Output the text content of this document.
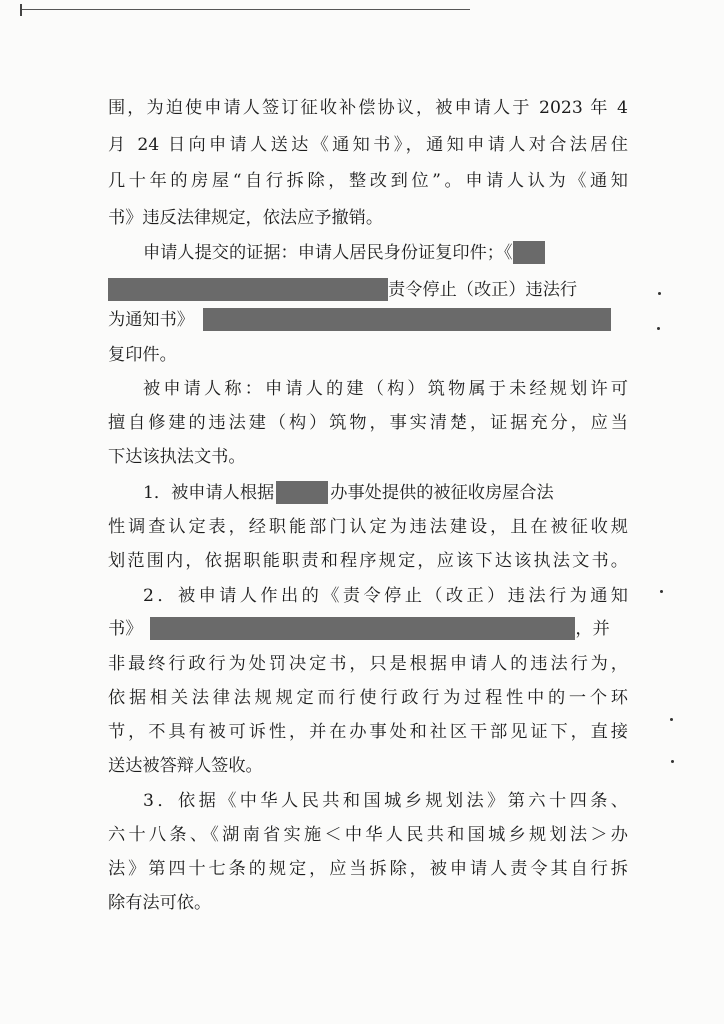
围，为迫使申请人签订征收补偿协议，被申请人于 2023 年 4
月 24 日向申请人送达《通知书》，通知申请人对合法居住
几十年的房屋“自行拆除，整改到位”。申请人认为《通知
书》违反法律规定，依法应予撤销。
申请人提交的证据：申请人居民身份证复印件；《
责令停止（改正）违法行
为通知书》
复印件。
被申请人称：申请人的建（构）筑物属于未经规划许可
擅自修建的违法建（构）筑物，事实清楚，证据充分，应当
下达该执法文书。
1．被申请人根据	办事处提供的被征收房屋合法
性调查认定表，经职能部门认定为违法建设，且在被征收规
划范围内，依据职能职责和程序规定，应该下达该执法文书。
2．被申请人作出的《责令停止（改正）违法行为通知
书》	，并
非最终行政行为处罚决定书，只是根据申请人的违法行为，
依据相关法律法规规定而行使行政行为过程性中的一个环
节，不具有被可诉性，并在办事处和社区干部见证下，直接
送达被答辩人签收。
3．依据《中华人民共和国城乡规划法》第六十四条、
六十八条、《湖南省实施＜中华人民共和国城乡规划法＞办
法》第四十七条的规定，应当拆除，被申请人责令其自行拆
除有法可依。
